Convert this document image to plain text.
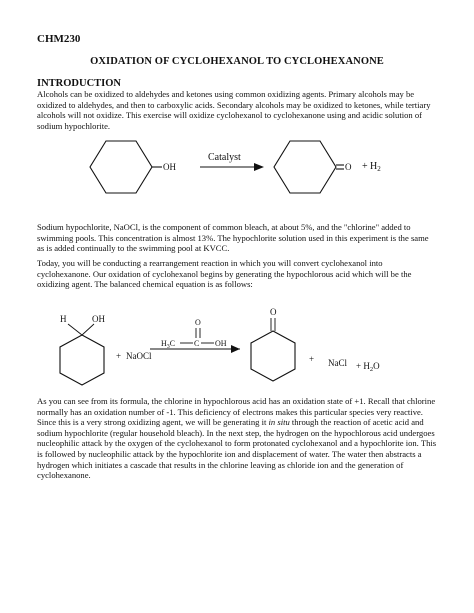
CHM230
OXIDATION OF CYCLOHEXANOL TO CYCLOHEXANONE
INTRODUCTION

Alcohols can be oxidized to aldehydes and ketones using common oxidizing agents. Primary alcohols may be oxidized to aldehydes, and then to carboxylic acids. Secondary alcohols may be oxidized to ketones, while tertiary alcohols will not oxidize. This exercise will oxidize cyclohexanol to cyclohexanone using and acidic solution of sodium hypochlorite.

OH
Catalyst
$O + H_2$

Sodium hypochlorite, NaOCl, is the component of common bleach, at about 5%, and the "chlorine" added to swimming pools. This concentration is almost 13%. The hypochlorite solution used in this experiment is the same as is added continually to the swimming pool at KVCC.

Today, you will be conducting a rearrangement reaction in which you will convert cyclohexanol into cyclohexanone. Our oxidation of cyclohexanol begins by generating the hypochlorous acid which will be the oxidizing agent. The balanced chemical equation is as follows:

H	OH
+ NaOCl
O
$H_3C$ C OH
O
+ NaCl + $H_2O$

As you can see from its formula, the chlorine in hypochlorous acid has an oxidation state of +1. Recall that chlorine normally has an oxidation number of -1. This deficiency of electrons makes this particular species very reactive. Since this is a very strong oxidizing agent, we will be generating it in situ through the reaction of acetic acid and sodium hypochlorite (regular household bleach). In the next step, the hydrogen on the hypochlorous acid undergoes nucleophilic attack by the oxygen of the cyclohexanol to form protonated cyclohexanol and a hypochlorite ion. This is followed by nucleophilic attack by the hypochlorite ion and displacement of water. The water then abstracts a hydrogen which initiates a cascade that results in the chlorine leaving as chloride ion and the generation of cyclohexanone.
